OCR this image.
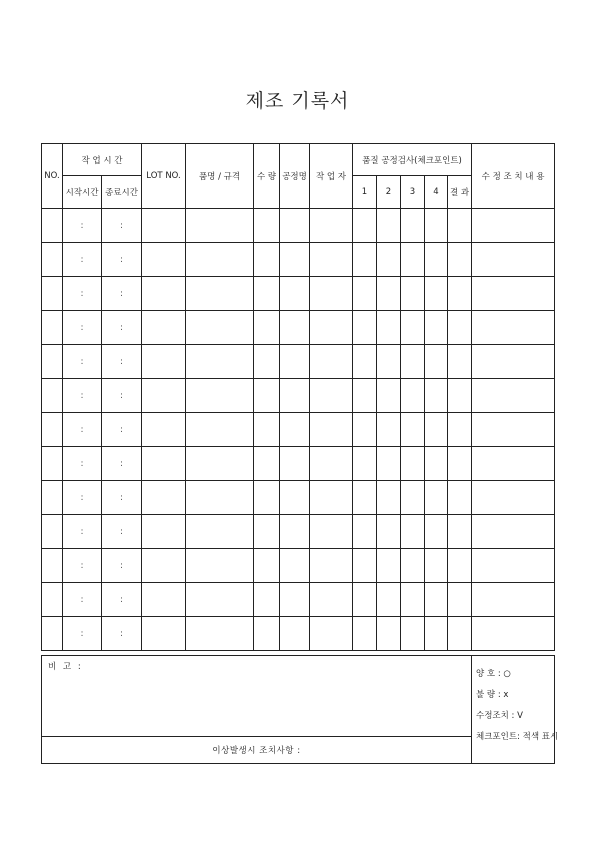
제조 기록서
NO.	작 업 시 간		LOT NO.	품명 / 규격	수 량	공정명	작 업 자	품질 공정검사(체크포인트)					수 정 조 치 내 용
	시작시간	종료시간						1	2	3	4	결 과	
	:	:											
	:	:											
	:	:											
	:	:											
	:	:											
	:	:											
	:	:											
	:	:											
	:	:											
	:	:											
	:	:											
	:	:											
	:	:											
비 고 :	
양 호 : ○
불 량 : x
수정조치 : V
체크포인트: 적색 표시

이상발생시 조치사항 :
